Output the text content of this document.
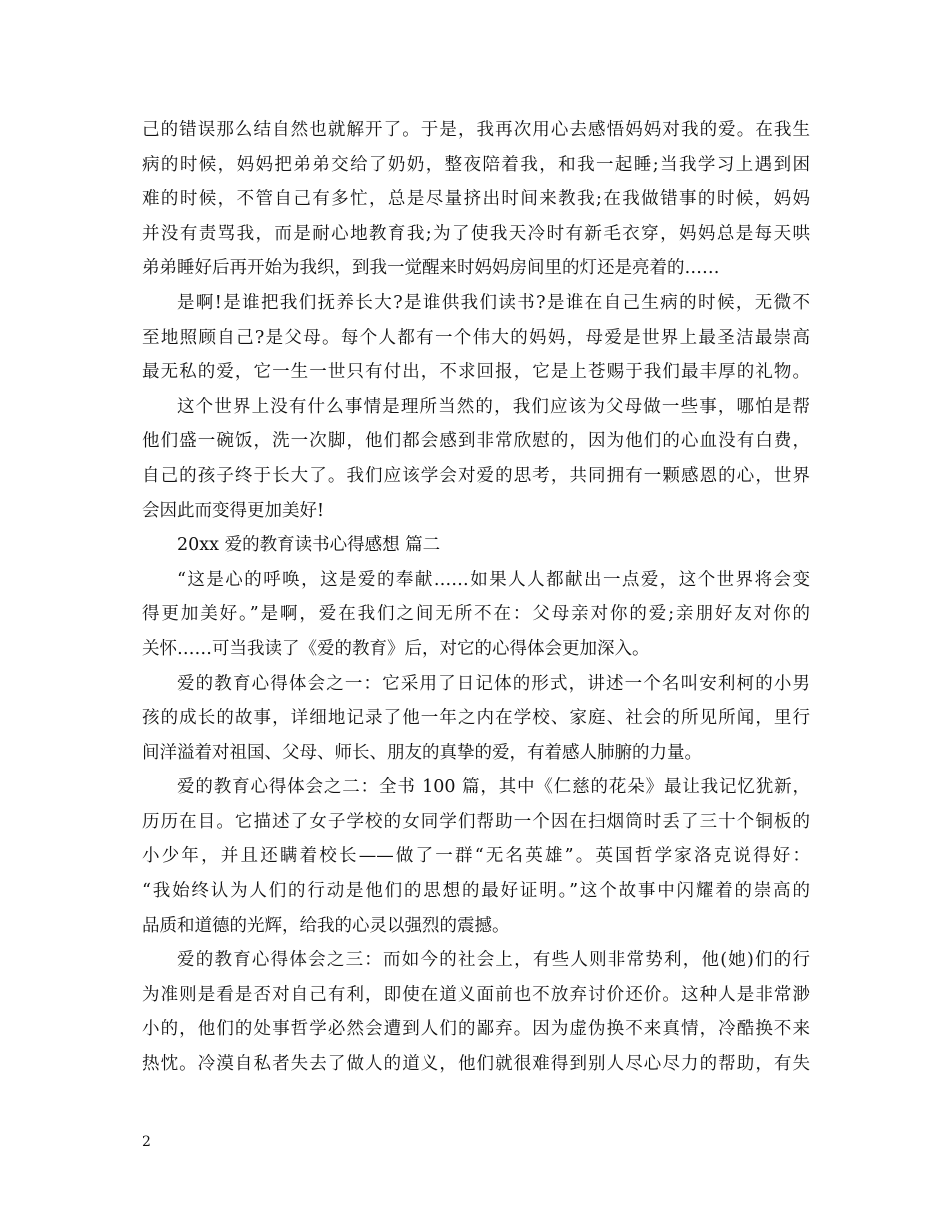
己的错误那么结自然也就解开了。于是，我再次用心去感悟妈妈对我的爱。在我生
病的时候，妈妈把弟弟交给了奶奶，整夜陪着我，和我一起睡;当我学习上遇到困
难的时候，不管自己有多忙，总是尽量挤出时间来教我;在我做错事的时候，妈妈
并没有责骂我，而是耐心地教育我;为了使我天冷时有新毛衣穿，妈妈总是每天哄
弟弟睡好后再开始为我织，到我一觉醒来时妈妈房间里的灯还是亮着的……
是啊!是谁把我们抚养长大?是谁供我们读书?是谁在自己生病的时候，无微不
至地照顾自己?是父母。每个人都有一个伟大的妈妈，母爱是世界上最圣洁最崇高
最无私的爱，它一生一世只有付出，不求回报，它是上苍赐于我们最丰厚的礼物。
这个世界上没有什么事情是理所当然的，我们应该为父母做一些事，哪怕是帮
他们盛一碗饭，洗一次脚，他们都会感到非常欣慰的，因为他们的心血没有白费，
自己的孩子终于长大了。我们应该学会对爱的思考，共同拥有一颗感恩的心，世界
会因此而变得更加美好!
20xx 爱的教育读书心得感想 篇二
“这是心的呼唤，这是爱的奉献……如果人人都献出一点爱，这个世界将会变
得更加美好。”是啊，爱在我们之间无所不在：父母亲对你的爱;亲朋好友对你的
关怀……可当我读了《爱的教育》后，对它的心得体会更加深入。
爱的教育心得体会之一：它采用了日记体的形式，讲述一个名叫安利柯的小男
孩的成长的故事，详细地记录了他一年之内在学校、家庭、社会的所见所闻，里行
间洋溢着对祖国、父母、师长、朋友的真挚的爱，有着感人肺腑的力量。
爱的教育心得体会之二：全书 100 篇，其中《仁慈的花朵》最让我记忆犹新，
历历在目。它描述了女子学校的女同学们帮助一个因在扫烟筒时丢了三十个铜板的
小少年，并且还瞒着校长——做了一群“无名英雄”。英国哲学家洛克说得好：
“我始终认为人们的行动是他们的思想的最好证明。”这个故事中闪耀着的崇高的
品质和道德的光辉，给我的心灵以强烈的震撼。
爱的教育心得体会之三：而如今的社会上，有些人则非常势利，他(她)们的行
为准则是看是否对自己有利，即使在道义面前也不放弃讨价还价。这种人是非常渺
小的，他们的处事哲学必然会遭到人们的鄙弃。因为虚伪换不来真情，冷酷换不来
热忱。冷漠自私者失去了做人的道义，他们就很难得到别人尽心尽力的帮助，有失
2
